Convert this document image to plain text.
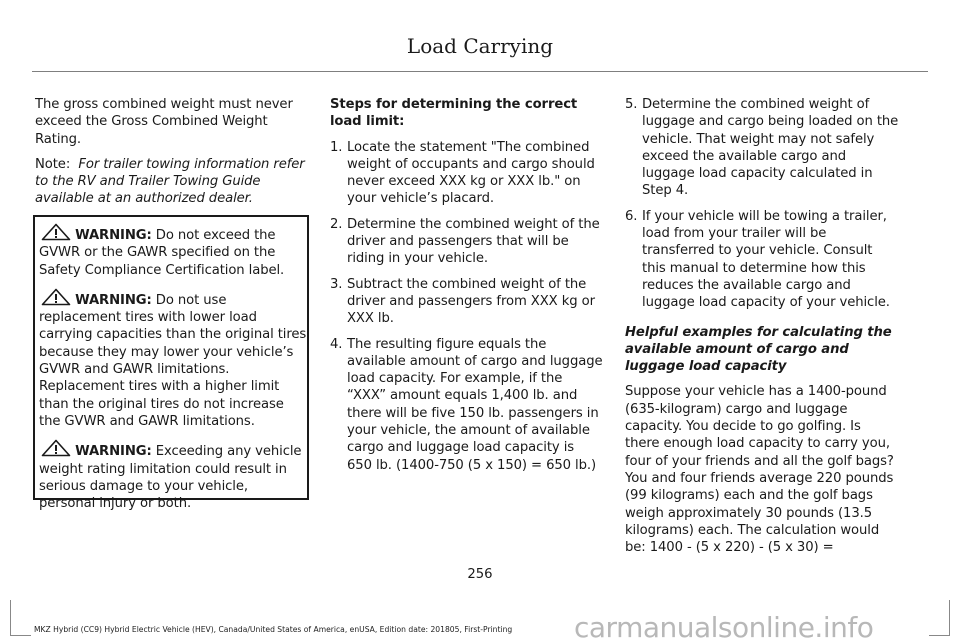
Load Carrying

The gross combined weight must never exceed the Gross Combined Weight Rating.

Note: For trailer towing information refer to the RV and Trailer Towing Guide available at an authorized dealer.

WARNING: Do not exceed the GVWR or the GAWR specified on the Safety Compliance Certification label.
WARNING: Do not use replacement tires with lower load carrying capacities than the original tires because they may lower your vehicle’s GVWR and GAWR limitations. Replacement tires with a higher limit than the original tires do not increase the GVWR and GAWR limitations.
WARNING: Exceeding any vehicle weight rating limitation could result in serious damage to your vehicle, personal injury or both.

Steps for determining the correct load limit:

1. Locate the statement "The combined weight of occupants and cargo should never exceed XXX kg or XXX lb." on your vehicle’s placard.
2. Determine the combined weight of the driver and passengers that will be riding in your vehicle.
3. Subtract the combined weight of the driver and passengers from XXX kg or XXX lb.
4. The resulting figure equals the available amount of cargo and luggage load capacity. For example, if the “XXX” amount equals 1,400 lb. and there will be five 150 lb. passengers in your vehicle, the amount of available cargo and luggage load capacity is 650 lb. (1400-750 (5 x 150) = 650 lb.)
5. Determine the combined weight of luggage and cargo being loaded on the vehicle. That weight may not safely exceed the available cargo and luggage load capacity calculated in Step 4.
6. If your vehicle will be towing a trailer, load from your trailer will be transferred to your vehicle. Consult this manual to determine how this reduces the available cargo and luggage load capacity of your vehicle.

Helpful examples for calculating the available amount of cargo and luggage load capacity

Suppose your vehicle has a 1400-pound (635-kilogram) cargo and luggage capacity. You decide to go golfing. Is there enough load capacity to carry you, four of your friends and all the golf bags? You and four friends average 220 pounds (99 kilograms) each and the golf bags weigh approximately 30 pounds (13.5 kilograms) each. The calculation would be: 1400 - (5 x 220) - (5 x 30) =

256
MKZ Hybrid (CC9) Hybrid Electric Vehicle (HEV), Canada/United States of America, enUSA, Edition date: 201805, First-Printing carmanualsonline.info
